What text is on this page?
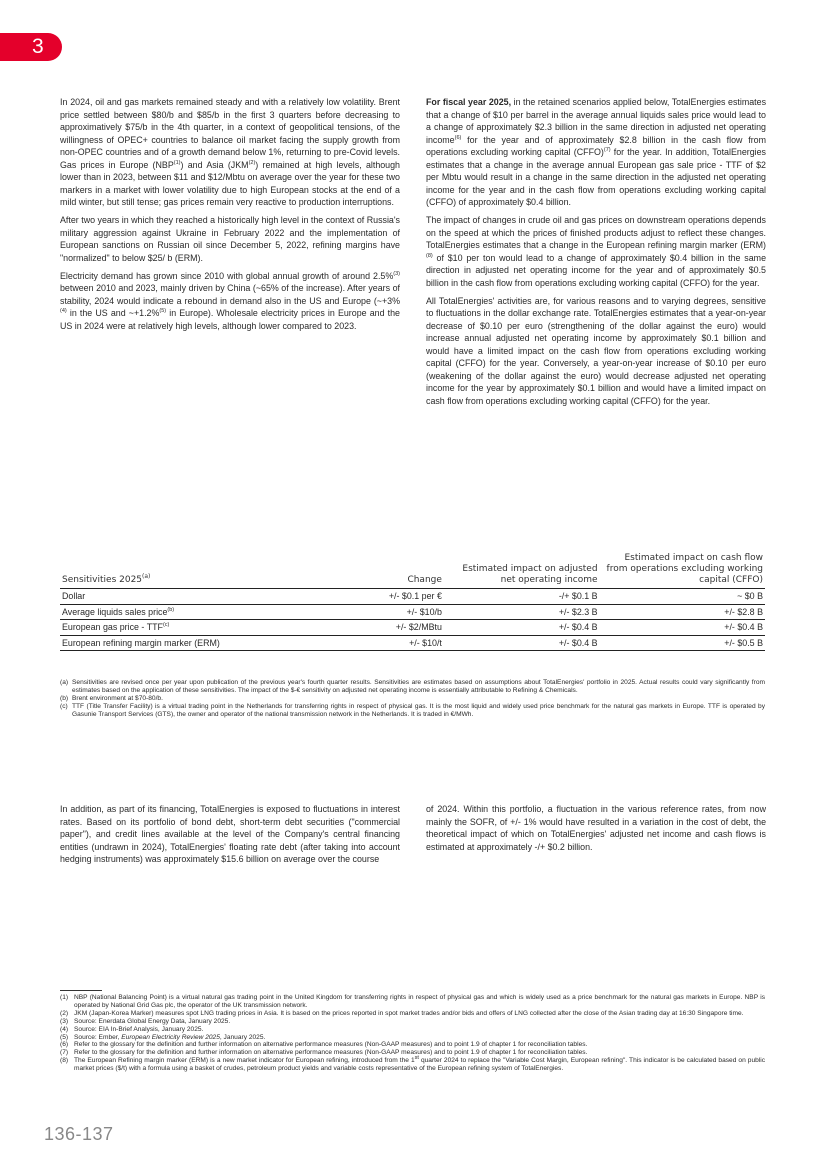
3

In 2024, oil and gas markets remained steady and with a relatively low volatility. Brent price settled between $80/b and $85/b in the first 3 quarters before decreasing to approximatively $75/b in the 4th quarter, in a context of geopolitical tensions, of the willingness of OPEC+ countries to balance oil market facing the supply growth from non-OPEC countries and of a growth demand below 1%, returning to pre-Covid levels. Gas prices in Europe (NBP$^{(1)}$) and Asia (JKM$^{(2)}$) remained at high levels, although lower than in 2023, between $11 and $12/Mbtu on average over the year for these two markers in a market with lower volatility due to high European stocks at the end of a mild winter, but still tense; gas prices remain very reactive to production interruptions.

After two years in which they reached a historically high level in the context of Russia's military aggression against Ukraine in February 2022 and the implementation of European sanctions on Russian oil since December 5, 2022, refining margins have "normalized" to below $25/ b (ERM).

Electricity demand has grown since 2010 with global annual growth of around 2.5%$^{(3)}$ between 2010 and 2023, mainly driven by China (~65% of the increase). After years of stability, 2024 would indicate a rebound in demand also in the US and Europe (~+3%$^{(4)}$ in the US and ~+1.2%$^{(5)}$ in Europe). Wholesale electricity prices in Europe and the US in 2024 were at relatively high levels, although lower compared to 2023.

For fiscal year 2025, in the retained scenarios applied below, TotalEnergies estimates that a change of $10 per barrel in the average annual liquids sales price would lead to a change of approximately $2.3 billion in the same direction in adjusted net operating income$^{(6)}$ for the year and of approximately $2.8 billion in the cash flow from operations excluding working capital (CFFO)$^{(7)}$ for the year. In addition, TotalEnergies estimates that a change in the average annual European gas sale price - TTF of $2 per Mbtu would result in a change in the same direction in the adjusted net operating income for the year and in the cash flow from operations excluding working capital (CFFO) of approximately $0.4 billion.

The impact of changes in crude oil and gas prices on downstream operations depends on the speed at which the prices of finished products adjust to reflect these changes. TotalEnergies estimates that a change in the European refining margin marker (ERM)$^{(8)}$ of $10 per ton would lead to a change of approximately $0.4 billion in the same direction in adjusted net operating income for the year and of approximately $0.5 billion in the cash flow from operations excluding working capital (CFFO) for the year.

All TotalEnergies' activities are, for various reasons and to varying degrees, sensitive to fluctuations in the dollar exchange rate. TotalEnergies estimates that a year-on-year decrease of $0.10 per euro (strengthening of the dollar against the euro) would increase annual adjusted net operating income by approximately $0.1 billion and would have a limited impact on the cash flow from operations excluding working capital (CFFO) for the year. Conversely, a year-on-year increase of $0.10 per euro (weakening of the dollar against the euro) would decrease adjusted net operating income for the year by approximately $0.1 billion and would have a limited impact on cash flow from operations excluding working capital (CFFO) for the year.

Sensitivities 2025$^{(a)}$	Change	Estimated impact on adjusted net operating income	Estimated impact on cash flow from operations excluding working capital (CFFO)
Dollar	+/- $0.1 per €	-/+ $0.1 B	~ $0 B
Average liquids sales price$^{(b)}$	+/- $10/b	+/- $2.3 B	+/- $2.8 B
European gas price - $TTF^{(c)}$	+/- $2/MBtu	+/- $0.4 B	+/- $0.4 B
European refining margin marker (ERM)	+/- $10/t	+/- $0.4 B	+/- $0.5 B
(a) Sensitivities are revised once per year upon publication of the previous year's fourth quarter results. Sensitivities are estimates based on assumptions about TotalEnergies' portfolio in 2025. Actual results could vary significantly from estimates based on the application of these sensitivities. The impact of the $-€ sensitivity on adjusted net operating income is essentially attributable to Refining & Chemicals.
(b) Brent environment at $70-80/b.
(c) TTF (Title Transfer Facility) is a virtual trading point in the Netherlands for transferring rights in respect of physical gas. It is the most liquid and widely used price benchmark for the natural gas markets in Europe. TTF is operated by Gasunie Transport Services (GTS), the owner and operator of the national transmission network in the Netherlands. It is traded in €/MWh.

In addition, as part of its financing, TotalEnergies is exposed to fluctuations in interest rates. Based on its portfolio of bond debt, short-term debt securities ("commercial paper"), and credit lines available at the level of the Company's central financing entities (undrawn in 2024), TotalEnergies' floating rate debt (after taking into account hedging instruments) was approximately $15.6 billion on average over the course

of 2024. Within this portfolio, a fluctuation in the various reference rates, from now mainly the SOFR, of +/- 1% would have resulted in a variation in the cost of debt, the theoretical impact of which on TotalEnergies' adjusted net income and cash flows is estimated at approximately -/+ $0.2 billion.

(1) NBP (National Balancing Point) is a virtual natural gas trading point in the United Kingdom for transferring rights in respect of physical gas and which is widely used as a price benchmark for the natural gas markets in Europe. NBP is operated by National Grid Gas plc, the operator of the UK transmission network.
(2) JKM (Japan-Korea Marker) measures spot LNG trading prices in Asia. It is based on the prices reported in spot market trades and/or bids and offers of LNG collected after the close of the Asian trading day at 16:30 Singapore time.
(3) Source: Enerdata Global Energy Data, January 2025.
(4) Source: EIA In-Brief Analysis, January 2025.
(5) Source: Ember, European Electricity Review 2025, January 2025.
(6) Refer to the glossary for the definition and further information on alternative performance measures (Non-GAAP measures) and to point 1.9 of chapter 1 for reconciliation tables.
(7) Refer to the glossary for the definition and further information on alternative performance measures (Non-GAAP measures) and to point 1.9 of chapter 1 for reconciliation tables.
(8) The European Refining margin marker (ERM) is a new market indicator for European refining, introduced from the 1st quarter 2024 to replace the "Variable Cost Margin, European refining". This indicator is be calculated based on public market prices ($/t) with a formula using a basket of crudes, petroleum product yields and variable costs representative of the European refining system of TotalEnergies.
136-137
